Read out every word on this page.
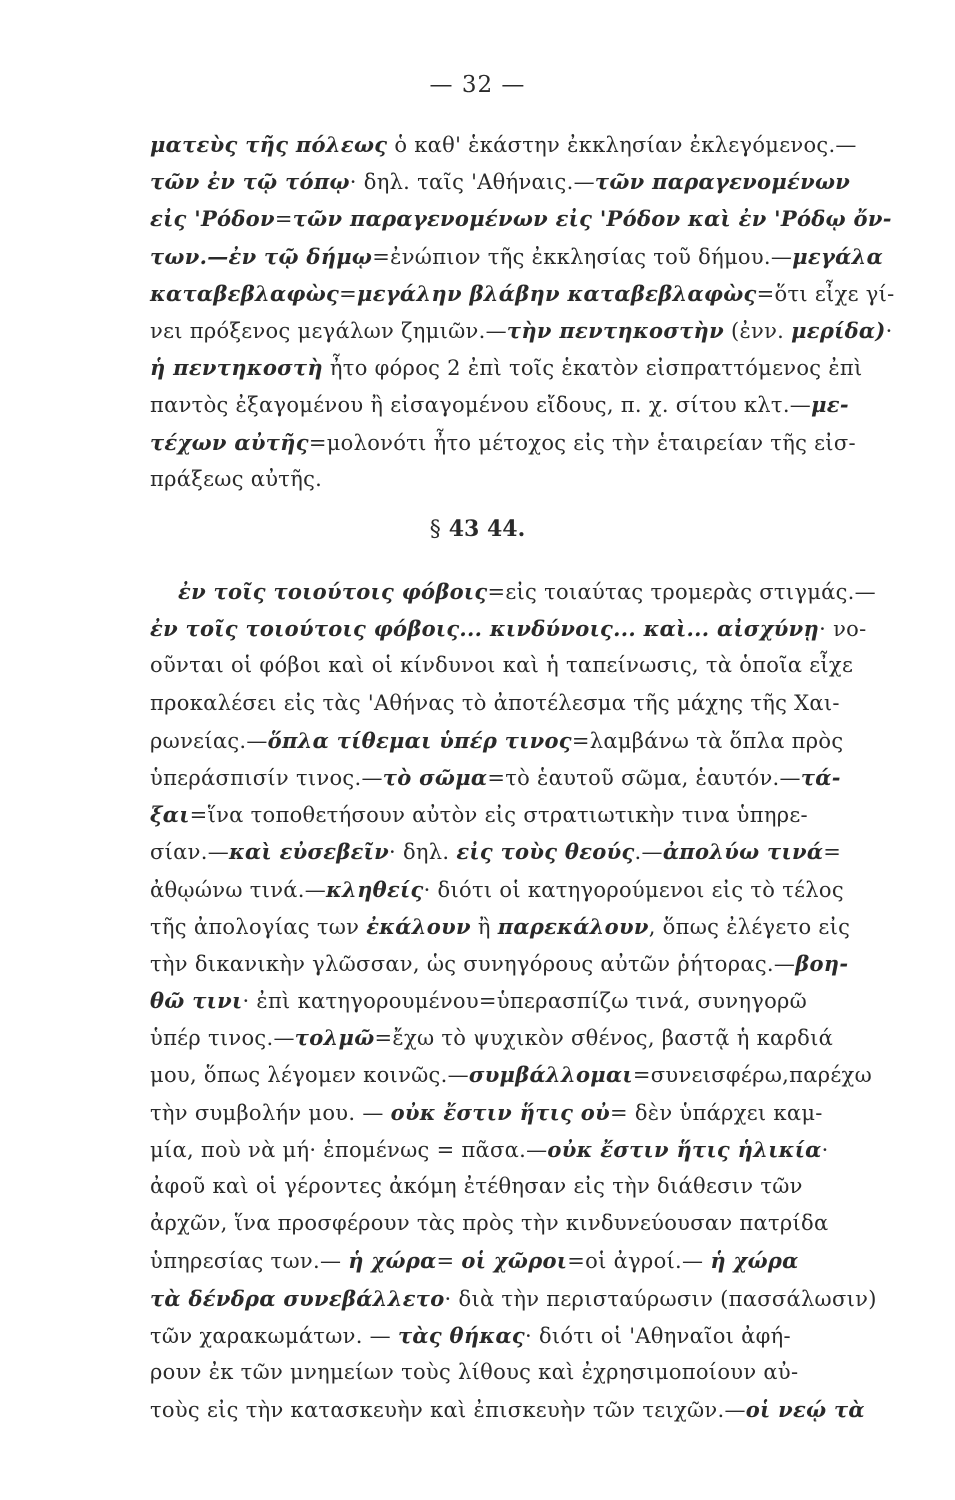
— 32 —
ματεὺς τῆς πόλεως ὁ καθ' ἑκάστην ἐκκλησίαν ἐκλεγόμενος.—
τῶν ἐν τῷ τόπῳ· δηλ. ταῖς 'Αθήναις.—τῶν παραγενομένων
εἰς 'Ρόδον=τῶν παραγενομένων εἰς 'Ρόδον καὶ ἐν 'Ρόδῳ ὄν-
των.—ἐν τῷ δήμῳ=ἐνώπιον τῆς ἐκκλησίας τοῦ δήμου.—μεγάλα
καταβεβλαφὼς=μεγάλην βλάβην καταβεβλαφὼς=ὅτι εἶχε γί-
νει πρόξενος μεγάλων ζημιῶν.—τὴν πεντηκοστὴν (ἐνν. μερίδα)·
ἡ πεντηκοστὴ ἦτο φόρος 2 ἐπὶ τοῖς ἑκατὸν εἰσπραττόμενος ἐπὶ
παντὸς ἐξαγομένου ἢ εἰσαγομένου εἴδους, π. χ. σίτου κλτ.—με-
τέχων αὐτῆς=μολονότι ἦτο μέτοχος εἰς τὴν ἑταιρείαν τῆς εἰσ-
πράξεως αὐτῆς.
§ 43 44.
ἐν τοῖς τοιούτοις φόβοις=εἰς τοιαύτας τρομερὰς στιγμάς.—
ἐν τοῖς τοιούτοις φόβοις... κινδύνοις... καὶ... αἰσχύνῃ· νο-
οῦνται οἱ φόβοι καὶ οἱ κίνδυνοι καὶ ἡ ταπείνωσις, τὰ ὁποῖα εἶχε
προκαλέσει εἰς τὰς 'Αθήνας τὸ ἀποτέλεσμα τῆς μάχης τῆς Χαι-
ρωνείας.—ὅπλα τίθεμαι ὑπέρ τινος=λαμβάνω τὰ ὅπλα πρὸς
ὑπεράσπισίν τινος.—τὸ σῶμα=τὸ ἑαυτοῦ σῶμα, ἑαυτόν.—τά-
ξαι=ἵνα τοποθετήσουν αὐτὸν εἰς στρατιωτικὴν τινα ὑπηρε-
σίαν.—καὶ εὐσεβεῖν· δηλ. εἰς τοὺς θεούς.—ἀπολύω τινά=
ἀθῳώνω τινά.—κληθείς· διότι οἱ κατηγορούμενοι εἰς τὸ τέλος
τῆς ἀπολογίας των ἐκάλουν ἢ παρεκάλουν, ὅπως ἐλέγετο εἰς
τὴν δικανικὴν γλῶσσαν, ὡς συνηγόρους αὐτῶν ῥήτορας.—βοη-
θῶ τινι· ἐπὶ κατηγορουμένου=ὑπερασπίζω τινά, συνηγορῶ
ὑπέρ τινος.—τολμῶ=ἔχω τὸ ψυχικὸν σθένος, βαστᾷ ἡ καρδιά
μου, ὅπως λέγομεν κοινῶς.—συμβάλλομαι=συνεισφέρω,παρέχω
τὴν συμβολήν μου. — οὐκ ἔστιν ἥτις οὐ= δὲν ὑπάρχει καμ-
μία, ποὺ νὰ μή· ἑπομένως = πᾶσα.—οὐκ ἔστιν ἥτις ἡλικία·
ἀφοῦ καὶ οἱ γέροντες ἀκόμη ἐτέθησαν εἰς τὴν διάθεσιν τῶν
ἀρχῶν, ἵνα προσφέρουν τὰς πρὸς τὴν κινδυνεύουσαν πατρίδα
ὑπηρεσίας των.— ἡ χώρα= οἱ χῶροι=οἱ ἀγροί.— ἡ χώρα
τὰ δένδρα συνεβάλλετο· διὰ τὴν περισταύρωσιν (πασσάλωσιν)
τῶν χαρακωμάτων. — τὰς θήκας· διότι οἱ 'Αθηναῖοι ἀφή-
ρουν ἐκ τῶν μνημείων τοὺς λίθους καὶ ἐχρησιμοποίουν αὐ-
τοὺς εἰς τὴν κατασκευὴν καὶ ἐπισκευὴν τῶν τειχῶν.—οἱ νεῴ τὰ
